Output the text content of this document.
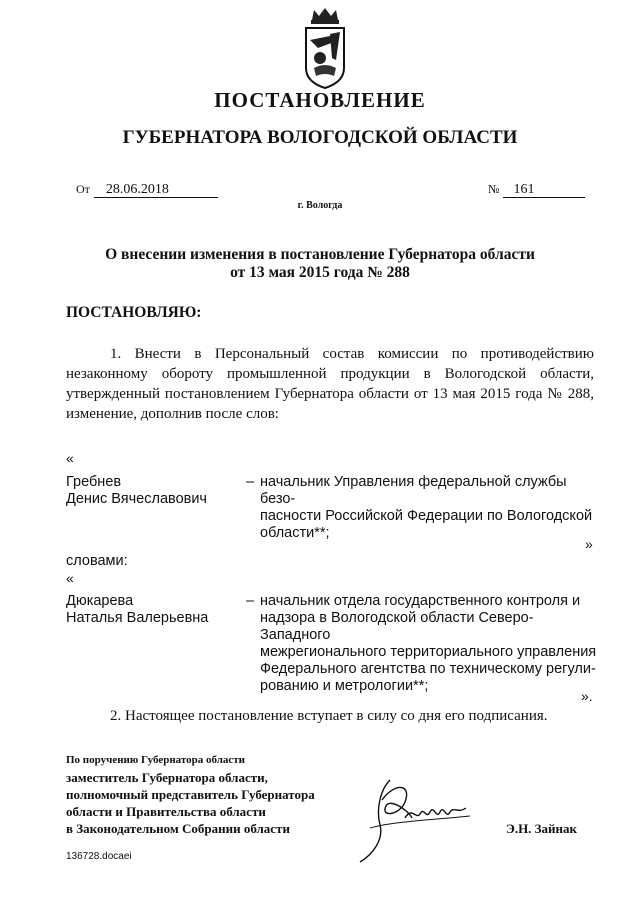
ПОСТАНОВЛЕНИЕ
ГУБЕРНАТОРА ВОЛОГОДСКОЙ ОБЛАСТИ
От 28.06.2018	№ 161
г. Вологда
О внесении изменения в постановление Губернатора области
от 13 мая 2015 года № 288
ПОСТАНОВЛЯЮ:
1. Внести в Персональный состав комиссии по противодействию незаконному обороту промышленной продукции в Вологодской области, утвержденный постановлением Губернатора области от 13 мая 2015 года № 288, изменение, дополнив после слов:
«
Гребнев
Денис Вячеславович
– начальник Управления федеральной службы безо-
пасности Российской Федерации по Вологодской
области**;
»
словами:
«
Дюкарева
Наталья Валерьевна
– начальник отдела государственного контроля и
надзора в Вологодской области Северо-Западного
межрегионального территориального управления
Федерального агентства по техническому регули-
рованию и метрологии**;
».
2. Настоящее постановление вступает в силу со дня его подписания.
По поручению Губернатора области
заместитель Губернатора области,
полномочный представитель Губернатора
области и Правительства области
в Законодательном Собрании области	Э.Н. Зайнак
136728.docaei
